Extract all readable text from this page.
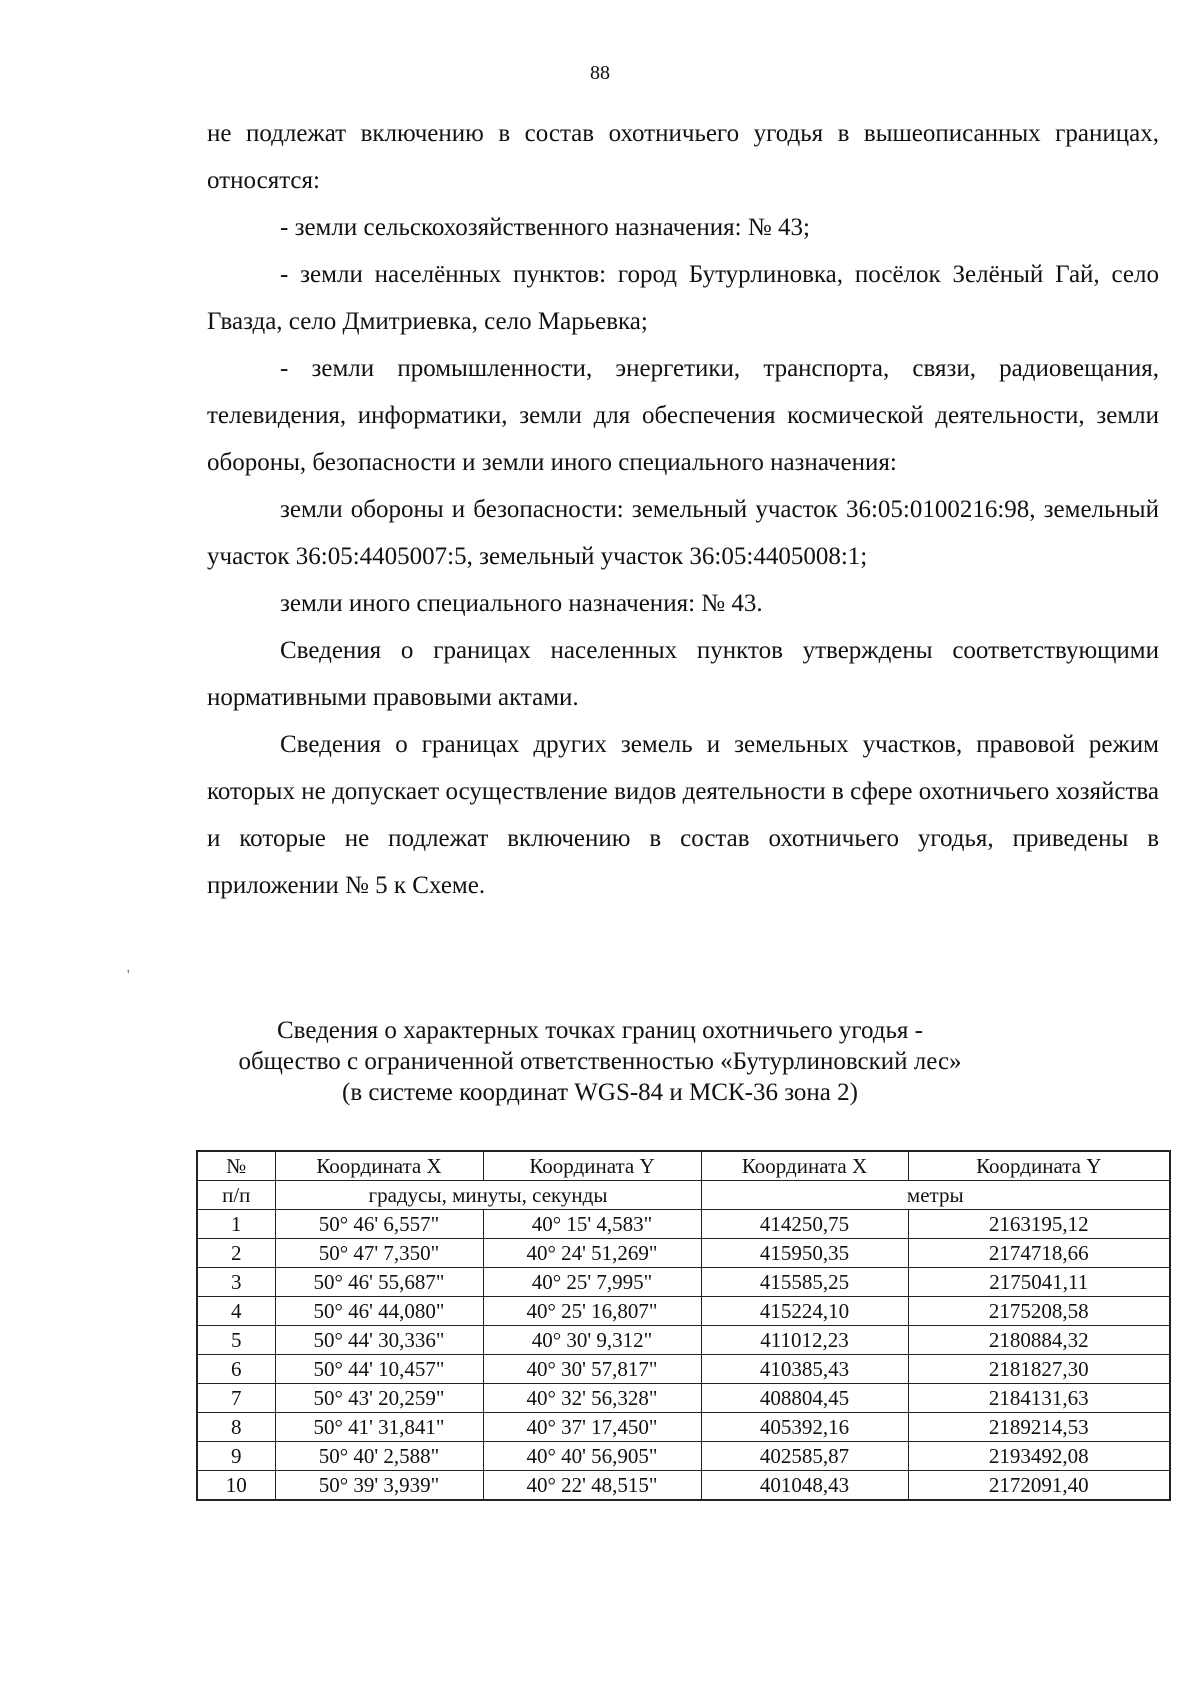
88

не подлежат включению в состав охотничьего угодья в вышеописанных границах, относятся:

- земли сельскохозяйственного назначения: № 43;

- земли населённых пунктов: город Бутурлиновка, посёлок Зелёный Гай, село Гвазда, село Дмитриевка, село Марьевка;

- земли промышленности, энергетики, транспорта, связи, радиовещания, телевидения, информатики, земли для обеспечения космической деятельности, земли обороны, безопасности и земли иного специального назначения:

земли обороны и безопасности: земельный участок 36:05:0100216:98, земельный участок 36:05:4405007:5, земельный участок 36:05:4405008:1;

земли иного специального назначения: № 43.

Сведения о границах населенных пунктов утверждены соответствующими нормативными правовыми актами.

Сведения о границах других земель и земельных участков, правовой режим которых не допускает осуществление видов деятельности в сфере охотничьего хозяйства и которые не подлежат включению в состав охотничьего угодья, приведены в приложении № 5 к Схеме.

'
Сведения о характерных точках границ охотничьего угодья -
общество с ограниченной ответственностью «Бутурлиновский лес»
(в системе координат WGS-84 и МСК-36 зона 2)
№	Координата X	Координата Y	Координата X	Координата Y
п/п	градусы, минуты, секунды		метры	
1	50° 46' 6,557"	40° 15' 4,583"	414250,75	2163195,12
2	50° 47' 7,350"	40° 24' 51,269"	415950,35	2174718,66
3	50° 46' 55,687"	40° 25' 7,995"	415585,25	2175041,11
4	50° 46' 44,080"	40° 25' 16,807"	415224,10	2175208,58
5	50° 44' 30,336"	40° 30' 9,312"	411012,23	2180884,32
6	50° 44' 10,457"	40° 30' 57,817"	410385,43	2181827,30
7	50° 43' 20,259"	40° 32' 56,328"	408804,45	2184131,63
8	50° 41' 31,841"	40° 37' 17,450"	405392,16	2189214,53
9	50° 40' 2,588"	40° 40' 56,905"	402585,87	2193492,08
10	50° 39' 3,939"	40° 22' 48,515"	401048,43	2172091,40
